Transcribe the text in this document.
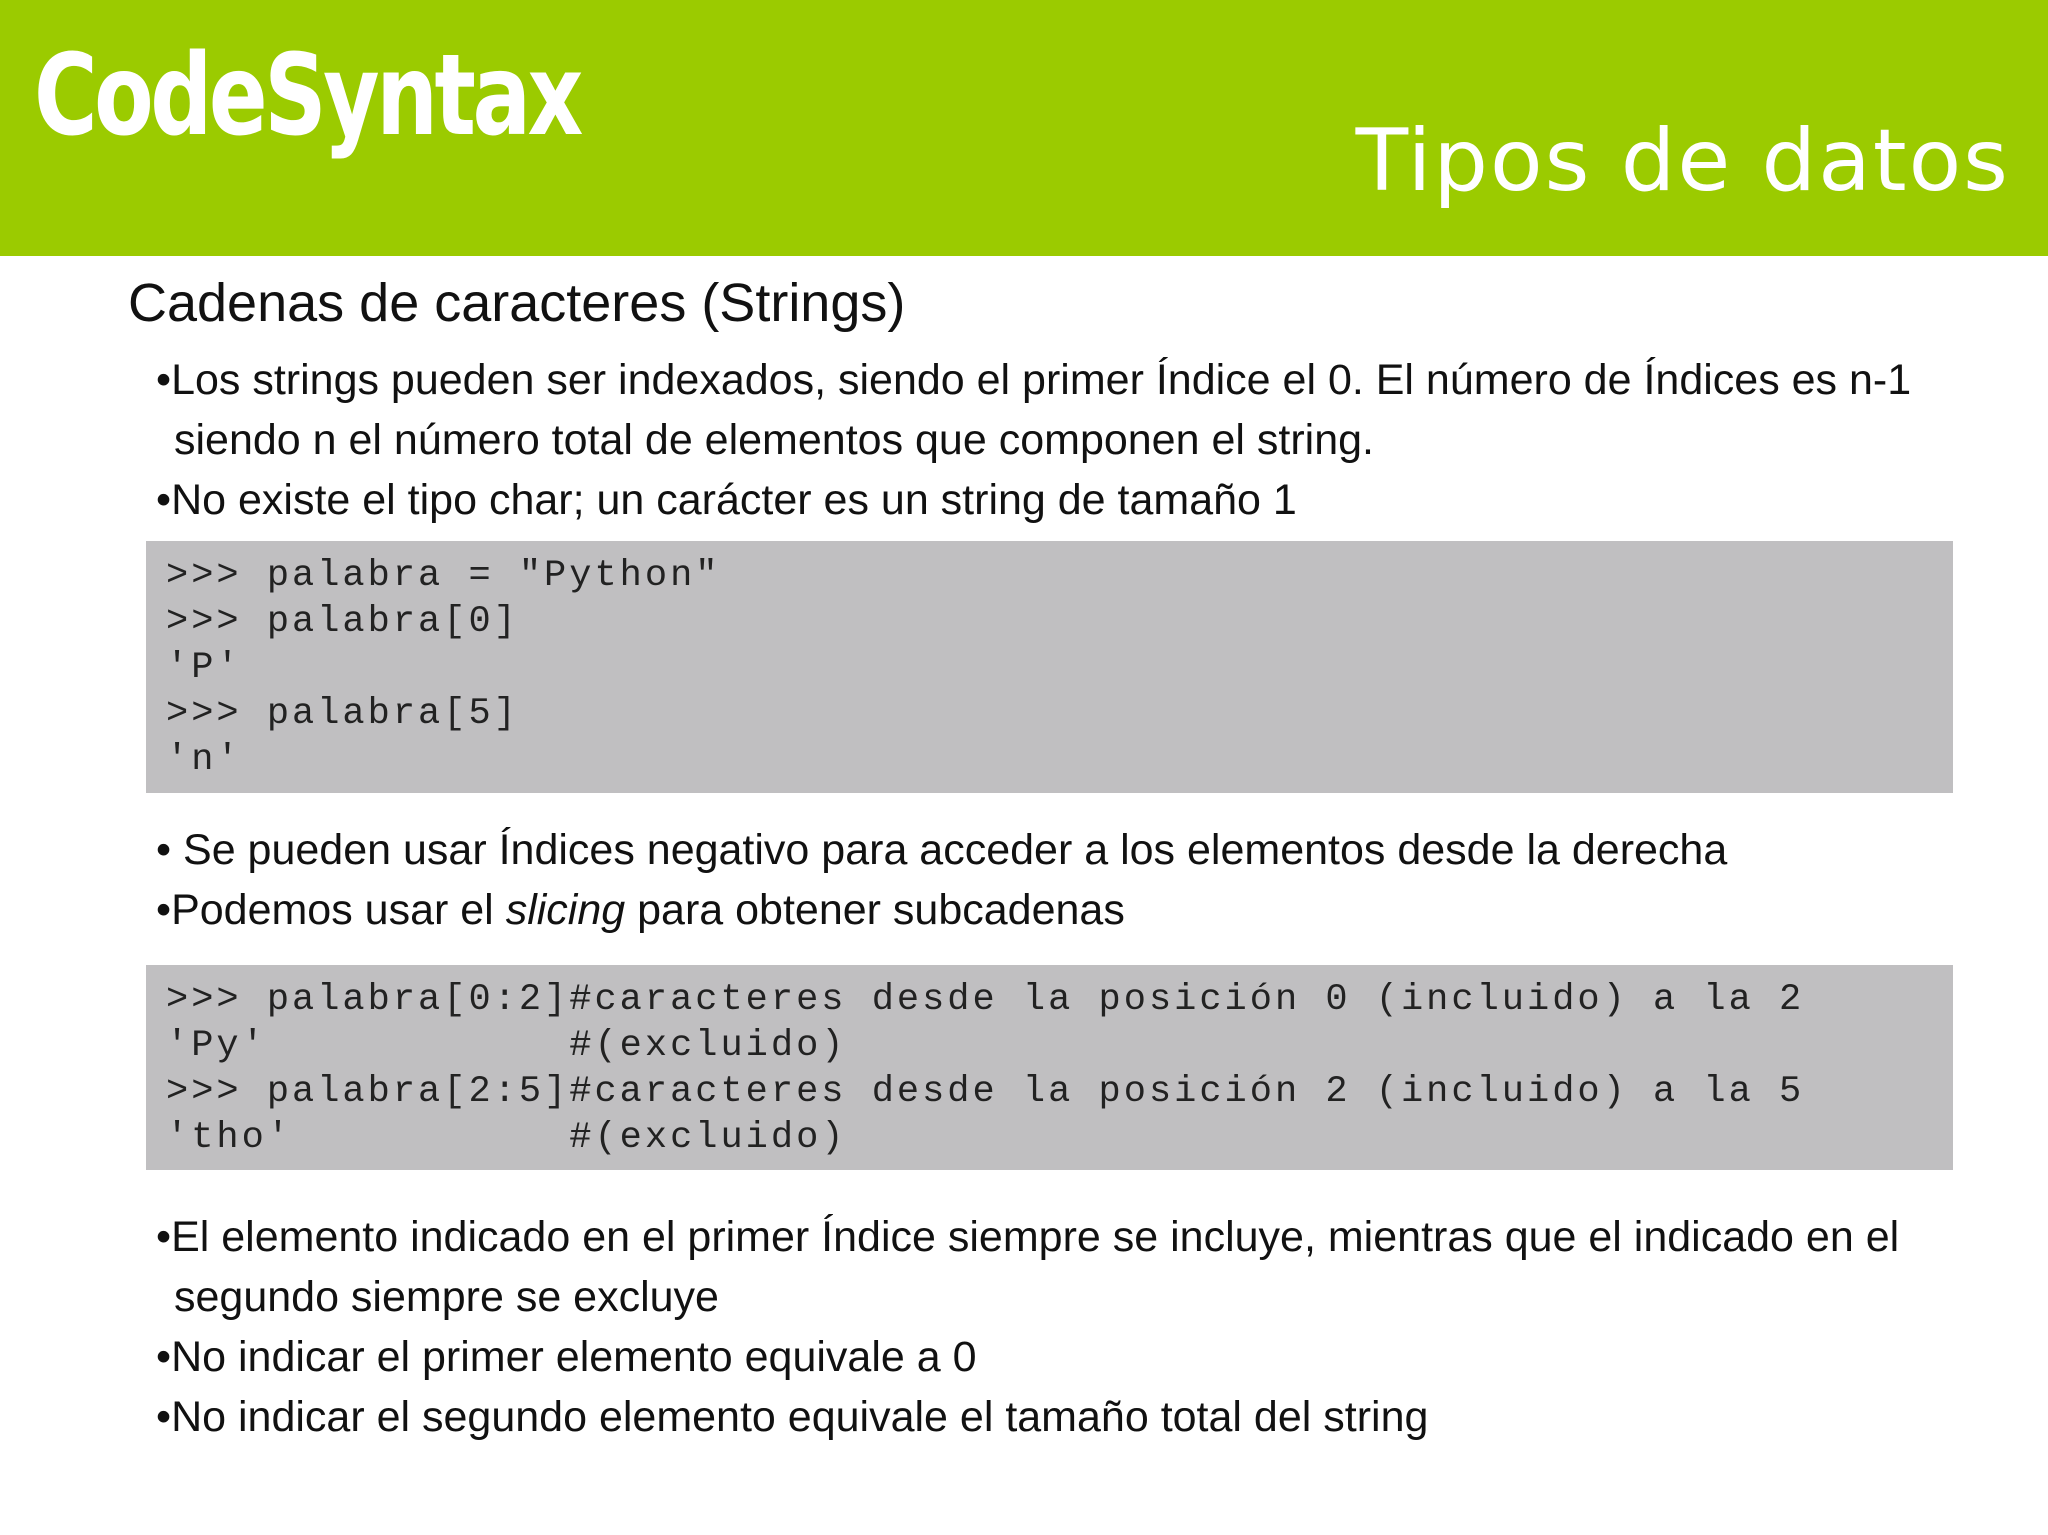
CodeSyntax	Tipos de datos
Cadenas de caracteres (Strings)
• Los strings pueden ser indexados, siendo el primer Índice el 0. El número de Índices es n-1 siendo n el número total de elementos que componen el string.
• No existe el tipo char; un carácter es un string de tamaño 1
>>> palabra = "Python"
>>> palabra[0]
'P'
>>> palabra[5]
'n'
• Se pueden usar Índices negativo para acceder a los elementos desde la derecha
• Podemos usar el slicing para obtener subcadenas
>>> palabra[0:2]#caracteres desde la posición 0 (incluido) a la 2
'Py'            #(excluido)
>>> palabra[2:5]#caracteres desde la posición 2 (incluido) a la 5
'tho'           #(excluido)
• El elemento indicado en el primer Índice siempre se incluye, mientras que el indicado en el segundo siempre se excluye
• No indicar el primer elemento equivale a 0
• No indicar el segundo elemento equivale el tamaño total del string
